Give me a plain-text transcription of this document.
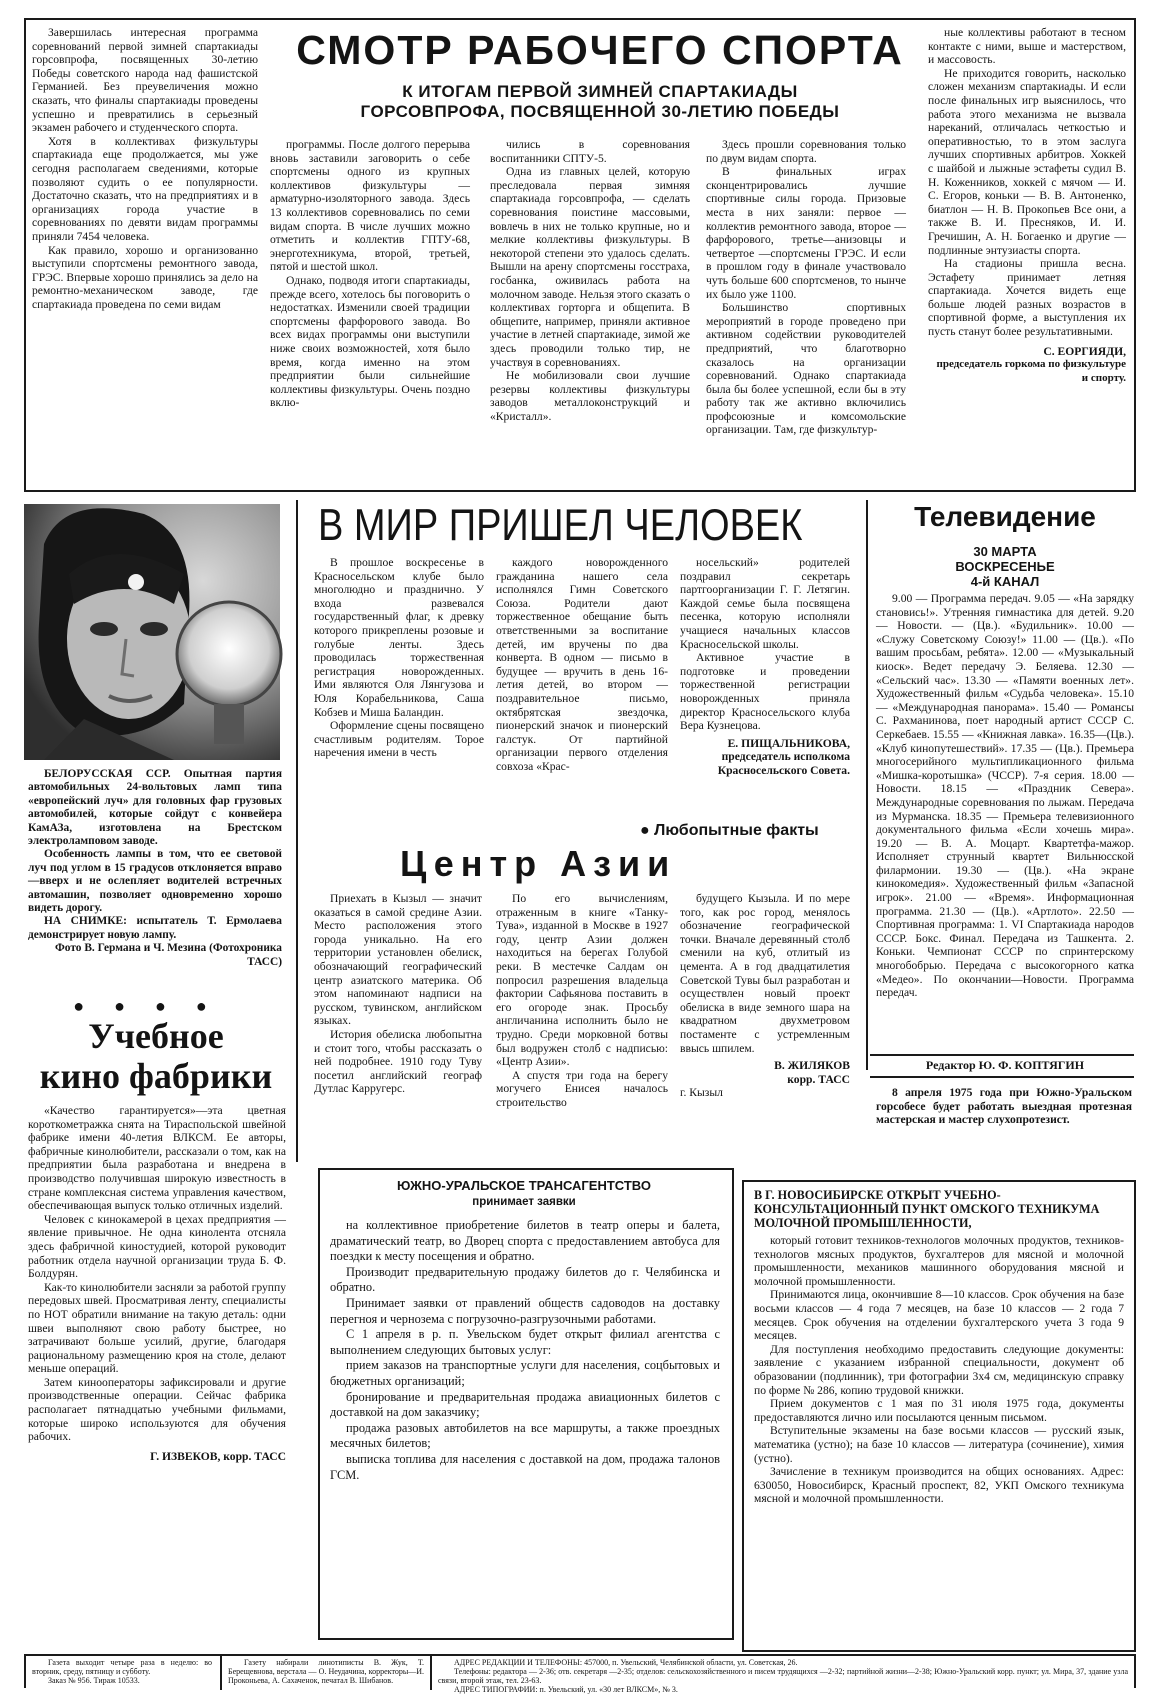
Завершилась интересная программа соревнований первой зимней спартакиады горсовпрофа, посвященных 30-летию Победы советского народа над фашистской Германией. Без преувеличения можно сказать, что финалы спартакиады проведены успешно и превратились в серьезный экзамен рабочего и студенческого спорта.

Хотя в коллективах физкультуры спартакиада еще продолжается, мы уже сегодня располагаем сведениями, которые позволяют судить о ее популярности. Достаточно сказать, что на предприятиях и в организациях города участие в соревнованиях по девяти видам программы приняли 7454 человека.

Как правило, хорошо и организованно выступили спортсмены ремонтного завода, ГРЭС. Впервые хорошо принялись за дело на ремонтно-механическом заводе, где спартакиада проведена по семи видам

СМОТР РАБОЧЕГО СПОРТА
К ИТОГАМ ПЕРВОЙ ЗИМНЕЙ СПАРТАКИАДЫ
ГОРСОВПРОФА, ПОСВЯЩЕННОЙ 30-ЛЕТИЮ ПОБЕДЫ

программы. После долгого перерыва вновь заставили заговорить о себе спортсмены одного из крупных коллективов физкультуры — арматурно-изоляторного завода. Здесь 13 коллективов соревновались по семи видам спорта. В числе лучших можно отметить и коллектив ГПТУ-68, энерготехникума, второй, третьей, пятой и шестой школ.

Однако, подводя итоги спартакиады, прежде всего, хотелось бы поговорить о недостатках. Изменили своей традиции спортсмены фарфорового завода. Во всех видах программы они выступили ниже своих возможностей, хотя было время, когда именно на этом предприятии были сильнейшие коллективы физкультуры. Очень поздно вклю-

чились в соревнования воспитанники СПТУ-5.

Одна из главных целей, которую преследовала первая зимняя спартакиада горсовпрофа, — сделать соревнования поистине массовыми, вовлечь в них не только крупные, но и мелкие коллективы физкультуры. В некоторой степени это удалось сделать. Вышли на арену спортсмены госстраха, госбанка, оживилась работа на молочном заводе. Нельзя этого сказать о коллективах горторга и общепита. В общепите, например, приняли активное участие в летней спартакиаде, зимой же здесь проводили только тир, не участвуя в соревнованиях.

Не мобилизовали свои лучшие резервы коллективы физкультуры заводов металлоконструкций и «Кристалл».

Здесь прошли соревнования только по двум видам спорта.

В финальных играх сконцентрировались лучшие спортивные силы города. Призовые места в них заняли: первое — коллектив ремонтного завода, второе — фарфорового, третье—анизовцы и четвертое —спортсмены ГРЭС. И если в прошлом году в финале участвовало чуть больше 600 спортсменов, то нынче их было уже 1100.

Большинство спортивных мероприятий в городе проведено при активном содействии руководителей предприятий, что благотворно сказалось на организации соревнований. Однако спартакиада была бы более успешной, если бы в эту работу так же активно включились профсоюзные и комсомольские организации. Там, где физкультур-

ные коллективы работают в тесном контакте с ними, выше и мастерством, и массовость.

Не приходится говорить, насколько сложен механизм спартакиады. И если после финальных игр выяснилось, что работа этого механизма не вызвала нареканий, отличалась четкостью и оперативностью, то в этом заслуга лучших спортивных арбитров. Хоккей с шайбой и лыжные эстафеты судил В. Н. Коженников, хоккей с мячом — И. С. Егоров, коньки — В. В. Антоненко, биатлон — Н. В. Прокопьев Все они, а также В. И. Пресняков, И. И. Гречишин, А. Н. Богаенко и другие — подлинные энтузиасты спорта.

На стадионы пришла весна. Эстафету принимает летняя спартакиада. Хочется видеть еще больше людей разных возрастов в спортивной форме, а выступления их пусть станут более результативными.

С. ЕОРГИЯДИ,

председатель горкома по физкультуре и спорту.

БЕЛОРУССКАЯ ССР. Опытная партия автомобильных 24-вольтовых ламп типа «европейский луч» для головных фар грузовых автомобилей, которые сойдут с конвейера КамАЗа, изготовлена на Брестском электроламповом заводе.

Особенность лампы в том, что ее световой луч под углом в 15 градусов отклоняется вправо—вверх и не ослепляет водителей встречных автомашин, позволяет одновременно хорошо видеть дорогу.

НА СНИМКЕ: испытатель Т. Ермолаева демонстрирует новую лампу.

Фото В. Германа и Ч. Мезина (Фотохроника ТАСС)

●●●●
Учебное
кино фабрики

«Качество гарантируется»—эта цветная короткометражка снята на Тираспольской швейной фабрике имени 40-летия ВЛКСМ. Ее авторы, фабричные кинолюбители, рассказали о том, как на предприятии была разработана и внедрена в производство получившая широкую известность в стране комплексная система управления качеством, обеспечивающая выпуск только отличных изделий.

Человек с кинокамерой в цехах предприятия — явление привычное. Не одна кинолента отсняла здесь фабричной киностудией, которой руководит работник отдела научной организации труда Б. Ф. Болдурян.

Как-то кинолюбители засняли за работой группу передовых швей. Просматривая ленту, специалисты по НОТ обратили внимание на такую деталь: одни швеи выполняют свою работу быстрее, но затрачивают больше усилий, другие, благодаря рациональному размещению кроя на столе, делают меньше операций.

Затем кинооператоры зафиксировали и другие производственные операции. Сейчас фабрика располагает пятнадцатью учебными фильмами, которые широко используются для обучения рабочих.

Г. ИЗВЕКОВ, корр. ТАСС

В МИР ПРИШЕЛ ЧЕЛОВЕК

В прошлое воскресенье в Красносельском клубе было многолюдно и празднично. У входа развевался государственный флаг, к древку которого прикреплены розовые и голубые ленты. Здесь проводилась торжественная регистрация новорожденных. Ими являются Оля Лянгузова и Юля Корабельникова, Саша Кобзев и Миша Баландин.

Оформление сцены посвящено счастливым родителям. Торое наречения имени в честь

каждого новорожденного гражданина нашего села исполнялся Гимн Советского Союза. Родители дают торжественное обещание быть ответственными за воспитание детей, им вручены по два конверта. В одном — письмо в будущее — вручить в день 16-летия детей, во втором — поздравительное письмо, октябрятская звездочка, пионерский значок и пионерский галстук. От партийной организации первого отделения совхоза «Крас-

носельский» родителей поздравил секретарь партгоорганизации Г. Г. Летягин. Каждой семье была посвящена песенка, которую исполняли учащиеся начальных классов Красносельской школы.

Активное участие в подготовке и проведении торжественной регистрации новорожденных приняла директор Красносельского клуба Вера Кузнецова.

Е. ПИЩАЛЬНИКОВА,

председатель исполкома Красносельского Совета.

● Любопытные факты
Центр Азии

Приехать в Кызыл — значит оказаться в самой средине Азии. Место расположения этого города уникально. На его территории установлен обелиск, обозначающий географический центр азиатского материка. Об этом напоминают надписи на русском, тувинском, английском языках.

История обелиска любопытна и стоит того, чтобы рассказать о ней подробнее. 1910 году Туву посетил английский географ Дутлас Карругерс.

По его вычислениям, отраженным в книге «Танку-Тува», изданной в Москве в 1927 году, центр Азии должен находиться на берегах Голубой реки. В местечке Салдам он попросил разрешения владельца фактории Сафьянова поставить в его огороде знак. Просьбу англичанина исполнить было не трудно. Среди морковной ботвы был водружен столб с надписью: «Центр Азии».

А спустя три года на берегу могучего Енисея началось строительство

будущего Кызыла. И по мере того, как рос город, менялось обозначение географической точки. Вначале деревянный столб сменили на куб, отлитый из цемента. А в год двадцатилетия Советской Тувы был разработан и осуществлен новый проект обелиска в виде земного шара на квадратном двухметровом постаменте с устремленным ввысь шпилем.

В. ЖИЛЯКОВ

корр. ТАСС

г. Кызыл

Телевидение
30 МАРТА
ВОСКРЕСЕНЬЕ
4-й КАНАЛ

9.00 — Программа передач. 9.05 — «На зарядку становись!». Утренняя гимнастика для детей. 9.20 — Новости. — (Цв.). «Будильник». 10.00 — «Служу Советскому Союзу!» 11.00 — (Цв.). «По вашим просьбам, ребята». 12.00 — «Музыкальный киоск». Ведет передачу Э. Беляева. 12.30 — «Сельский час». 13.30 — «Памяти военных лет». Художественный фильм «Судьба человека». 15.10 — «Международная панорама». 15.40 — Романсы С. Рахманинова, поет народный артист СССР С. Серкебаев. 15.55 — «Книжная лавка». 16.35—(Цв.). «Клуб кинопутешествий». 17.35 — (Цв.). Премьера многосерийного мультипликационного фильма «Мишка-коротышка» (ЧССР). 7-я серия. 18.00 — Новости. 18.15 — «Праздник Севера». Международные соревнования по лыжам. Передача из Мурманска. 18.35 — Премьера телевизионного документального фильма «Если хочешь мира». 19.20 — В. А. Моцарт. Квартетфа-мажор. Исполняет струнный квартет Вильнюсской филармонии. 19.30 — (Цв.). «На экране кинокомедия». Художественный фильм «Запасной игрок». 21.00 — «Время». Информационная программа. 21.30 — (Цв.). «Артлото». 22.50 — Спортивная программа: 1. VI Спартакиада народов СССР. Бокс. Финал. Передача из Ташкента. 2. Коньки. Чемпионат СССР по спринтерскому многобобрью. Передача с высокогорного катка «Медео». По окончании—Новости. Программа передач.

Редактор Ю. Ф. КОПТЯГИН

8 апреля 1975 года при Южно-Уральском горсобесе будет работать выездная протезная мастерская и мастер слухопротезист.

ЮЖНО-УРАЛЬСКОЕ ТРАНСАГЕНТСТВО
принимает заявки

на коллективное приобретение билетов в театр оперы и балета, драматический театр, во Дворец спорта с предоставлением автобуса для поездки к месту посещения и обратно.

Производит предварительную продажу билетов до г. Челябинска и обратно.

Принимает заявки от правлений обществ садоводов на доставку перегноя и чернозема с погрузочно-разгрузочными работами.

С 1 апреля в р. п. Увельском будет открыт филиал агентства с выполнением следующих бытовых услуг:

прием заказов на транспортные услуги для населения, соцбытовых и бюджетных организаций;

бронирование и предварительная продажа авиационных билетов с доставкой на дом заказчику;

продажа разовых автобилетов на все маршруты, а также проездных месячных билетов;

выписка топлива для населения с доставкой на дом, продажа талонов ГСМ.

В Г. НОВОСИБИРСКЕ ОТКРЫТ УЧЕБНО-КОНСУЛЬТАЦИОННЫЙ ПУНКТ ОМСКОГО ТЕХНИКУМА МОЛОЧНОЙ ПРОМЫШЛЕННОСТИ,

который готовит техников-технологов молочных продуктов, техников-технологов мясных продуктов, бухгалтеров для мясной и молочной промышленности, механиков машинного оборудования мясной и молочной промышленности.

Принимаются лица, окончившие 8—10 классов. Срок обучения на базе восьми классов — 4 года 7 месяцев, на базе 10 классов — 2 года 7 месяцев. Срок обучения на отделении бухгалтерского учета 3 года 9 месяцев.

Для поступления необходимо предоставить следующие документы: заявление с указанием избранной специальности, документ об образовании (подлинник), три фотографии 3х4 см, медицинскую справку по форме № 286, копию трудовой книжки.

Прием документов с 1 мая по 31 июля 1975 года, документы предоставляются лично или посылаются ценным письмом.

Вступительные экзамены на базе восьми классов — русский язык, математика (устно); на базе 10 классов — литература (сочинение), химия (устно).

Зачисление в техникум производится на общих основаниях. Адрес: 630050, Новосибирск, Красный проспект, 82, УКП Омского техникума мясной и молочной промышленности.

Газета выходит четыре раза в неделю: во вторник, среду, пятницу и субботу.

Заказ № 956. Тираж 10533.

Газету набирали линотиписты В. Жук, Т. Берещевнова, верстала — О. Неудачина, корректоры—И. Проконьева, А. Сахаченок, печатал В. Шибанов.

АДРЕС РЕДАКЦИИ И ТЕЛЕФОНЫ: 457000, п. Увельский, Челябинской области, ул. Советская, 26.

Телефоны: редактора — 2-36; отв. секретаря —2-35; отделов: сельскохозяйственного и писем трудящихся —2-32; партийной жизни—2-38; Южно-Уральский корр. пункт; ул. Мира, 37, здание узла связи, второй этаж, тел. 23-63.

АДРЕС ТИПОГРАФИИ: п. Увельский, ул. «30 лет ВЛКСМ», № 3.
